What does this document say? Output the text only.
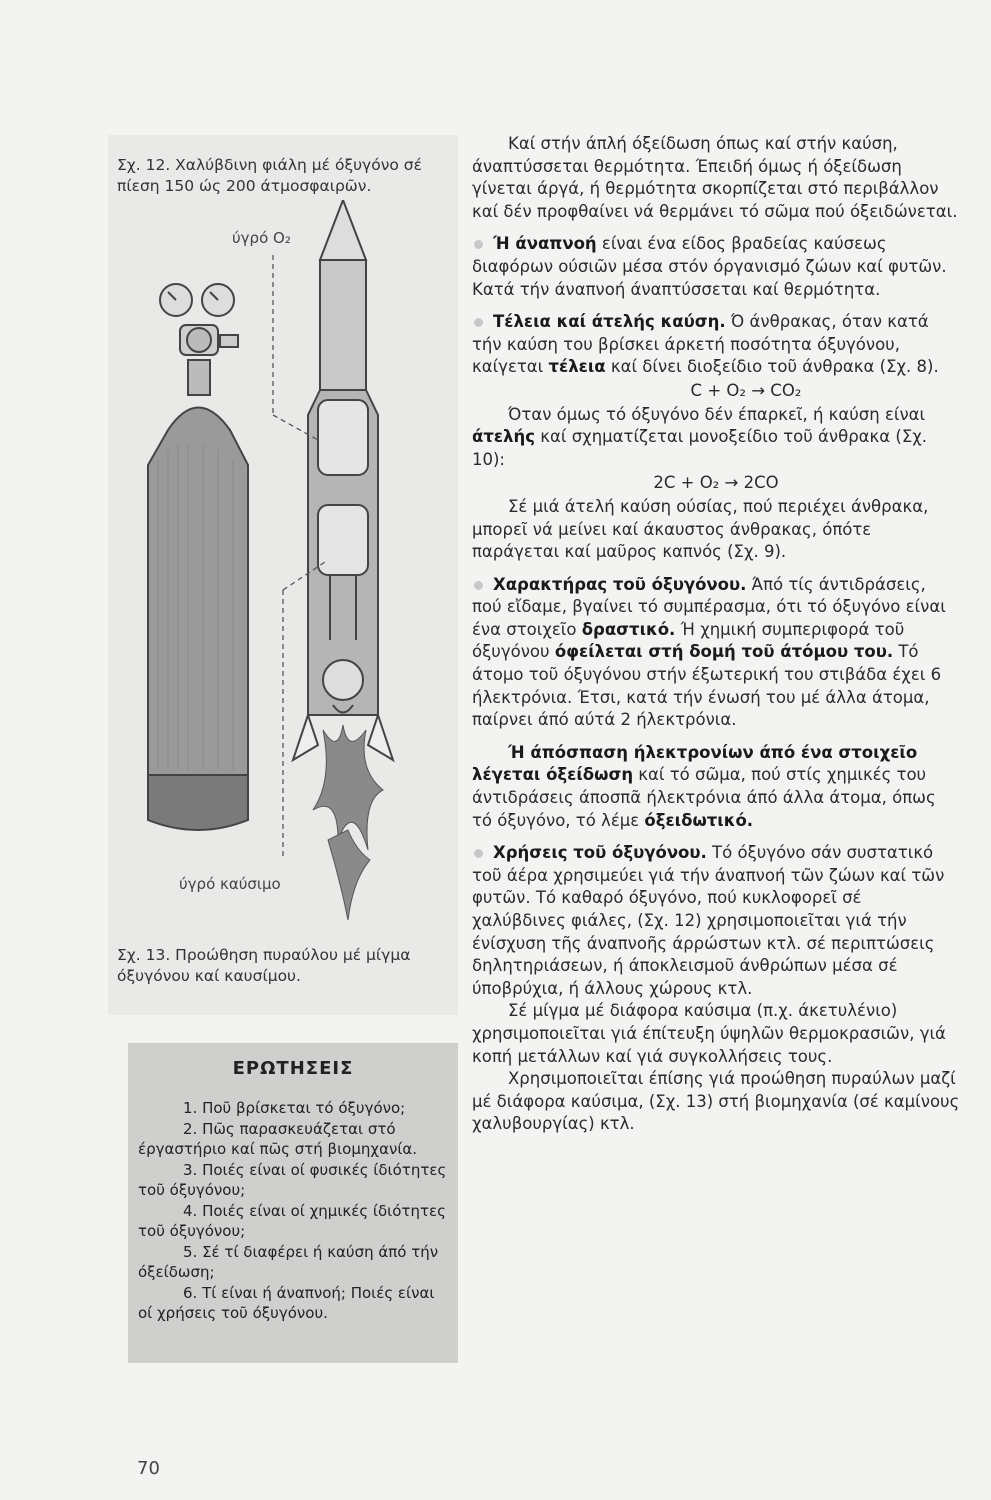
Σχ. 12. Χαλύβδινη φιάλη μέ όξυγόνο σέ πίεση 150 ώς 200 άτμοσφαιρῶν.
ύγρό O₂
ύγρό καύσιμο
Σχ. 13. Προώθηση πυραύλου μέ μίγμα όξυγόνου καί καυσίμου.
ΕΡΩΤΗΣΕΙΣ
1. Ποῦ βρίσκεται τό όξυγόνο;
2. Πῶς παρασκευάζεται στό έργαστήριο καί πῶς στή βιομηχανία.
3. Ποιές είναι οί φυσικές ίδιότητες τοῦ όξυγόνου;
4. Ποιές είναι οί χημικές ίδιότητες τοῦ όξυγόνου;
5. Σέ τί διαφέρει ή καύση άπό τήν όξείδωση;
6. Τί είναι ή άναπνοή; Ποιές είναι οί χρήσεις τοῦ όξυγόνου.

Καί στήν άπλή όξείδωση όπως καί στήν καύση, άναπτύσσεται θερμότητα. Έπειδή όμως ή όξείδωση γίνεται άργά, ή θερμότητα σκορπίζεται στό περιβάλλον καί δέν προφθαίνει νά θερμάνει τό σῶμα πού όξειδώνεται.

Ή άναπνοή είναι ένα είδος βραδείας καύσεως διαφόρων ούσιῶν μέσα στόν όργανισμό ζώων καί φυτῶν. Κατά τήν άναπνοή άναπτύσσεται καί θερμότητα.

Τέλεια καί άτελής καύση. Ό άνθρακας, όταν κατά τήν καύση του βρίσκει άρκετή ποσότητα όξυγόνου, καίγεται τέλεια καί δίνει διοξείδιο τοῦ άνθρακα (Σχ. 8).

C + O₂ → CO₂

Όταν όμως τό όξυγόνο δέν έπαρκεῖ, ή καύση είναι άτελής καί σχηματίζεται μονοξείδιο τοῦ άνθρακα (Σχ. 10):

2C + O₂ → 2CO

Σέ μιά άτελή καύση ούσίας, πού περιέχει άνθρακα, μπορεῖ νά μείνει καί άκαυστος άνθρακας, όπότε παράγεται καί μαῦρος καπνός (Σχ. 9).

Χαρακτήρας τοῦ όξυγόνου. Άπό τίς άντιδράσεις, πού εἴδαμε, βγαίνει τό συμπέρασμα, ότι τό όξυγόνο είναι ένα στοιχεῖο δραστικό. Ή χημική συμπεριφορά τοῦ όξυγόνου όφείλεται στή δομή τοῦ άτόμου του. Τό άτομο τοῦ όξυγόνου στήν έξωτερική του στιβάδα έχει 6 ήλεκτρόνια. Έτσι, κατά τήν ένωσή του μέ άλλα άτομα, παίρνει άπό αύτά 2 ήλεκτρόνια.

Ή άπόσπαση ήλεκτρονίων άπό ένα στοιχεῖο λέγεται όξείδωση καί τό σῶμα, πού στίς χημικές του άντιδράσεις άποσπᾶ ήλεκτρόνια άπό άλλα άτομα, όπως τό όξυγόνο, τό λέμε όξειδωτικό.

Χρήσεις τοῦ όξυγόνου. Τό όξυγόνο σάν συστατικό τοῦ άέρα χρησιμεύει γιά τήν άναπνοή τῶν ζώων καί τῶν φυτῶν. Τό καθαρό όξυγόνο, πού κυκλοφορεῖ σέ χαλύβδινες φιάλες, (Σχ. 12) χρησιμοποιεῖται γιά τήν ένίσχυση τῆς άναπνοῆς άρρώστων κτλ. σέ περιπτώσεις δηλητηριάσεων, ή άποκλεισμοῦ άνθρώπων μέσα σέ ύποβρύχια, ή άλλους χώρους κτλ.

Σέ μίγμα μέ διάφορα καύσιμα (π.χ. άκετυλένιο) χρησιμοποιεῖται γιά έπίτευξη ύψηλῶν θερμοκρασιῶν, γιά κοπή μετάλλων καί γιά συγκολλήσεις τους.

Χρησιμοποιεῖται έπίσης γιά προώθηση πυραύλων μαζί μέ διάφορα καύσιμα, (Σχ. 13) στή βιομηχανία (σέ καμίνους χαλυβουργίας) κτλ.

70
